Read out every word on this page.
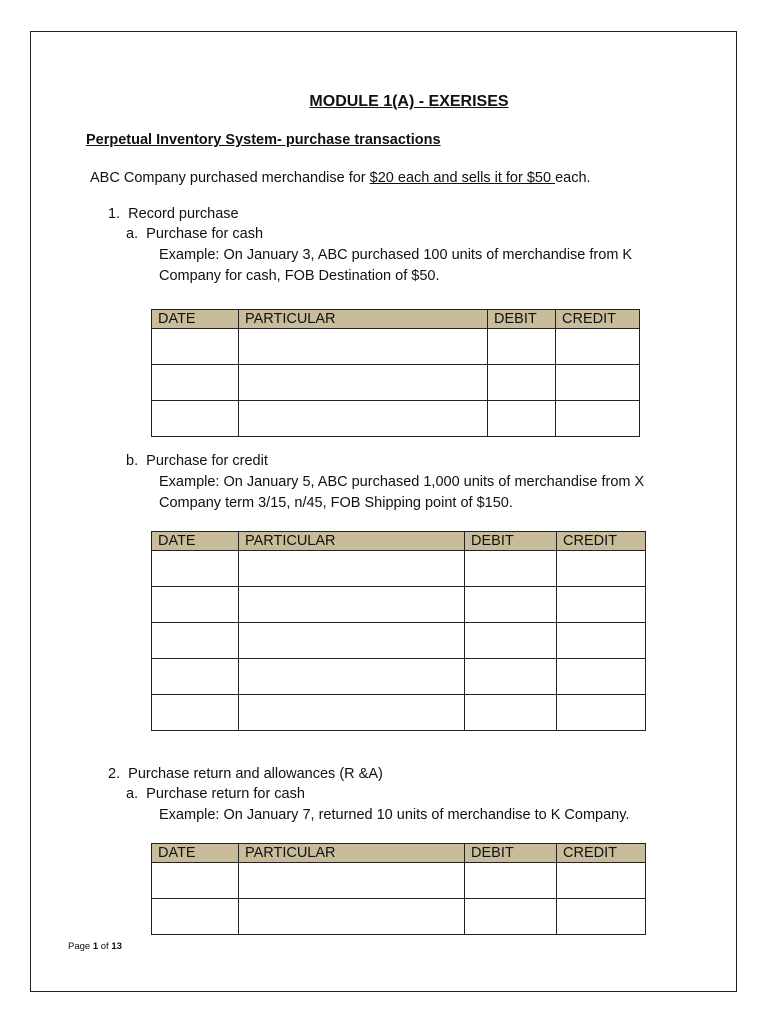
MODULE 1(A) - EXERISES
Perpetual Inventory System- purchase transactions
ABC Company purchased merchandise for $20 each and sells it for $50 each.
1. Record purchase
a. Purchase for cash
Example: On January 3, ABC purchased 100 units of merchandise from K
Company for cash, FOB Destination of $50.
DATE	PARTICULAR	DEBIT	CREDIT

b. Purchase for credit
Example: On January 5, ABC purchased 1,000 units of merchandise from X
Company term 3/15, n/45, FOB Shipping point of $150.
DATE	PARTICULAR	DEBIT	CREDIT

2. Purchase return and allowances (R &A)
a. Purchase return for cash
Example: On January 7, returned 10 units of merchandise to K Company.
DATE	PARTICULAR	DEBIT	CREDIT

Page 1 of 13
